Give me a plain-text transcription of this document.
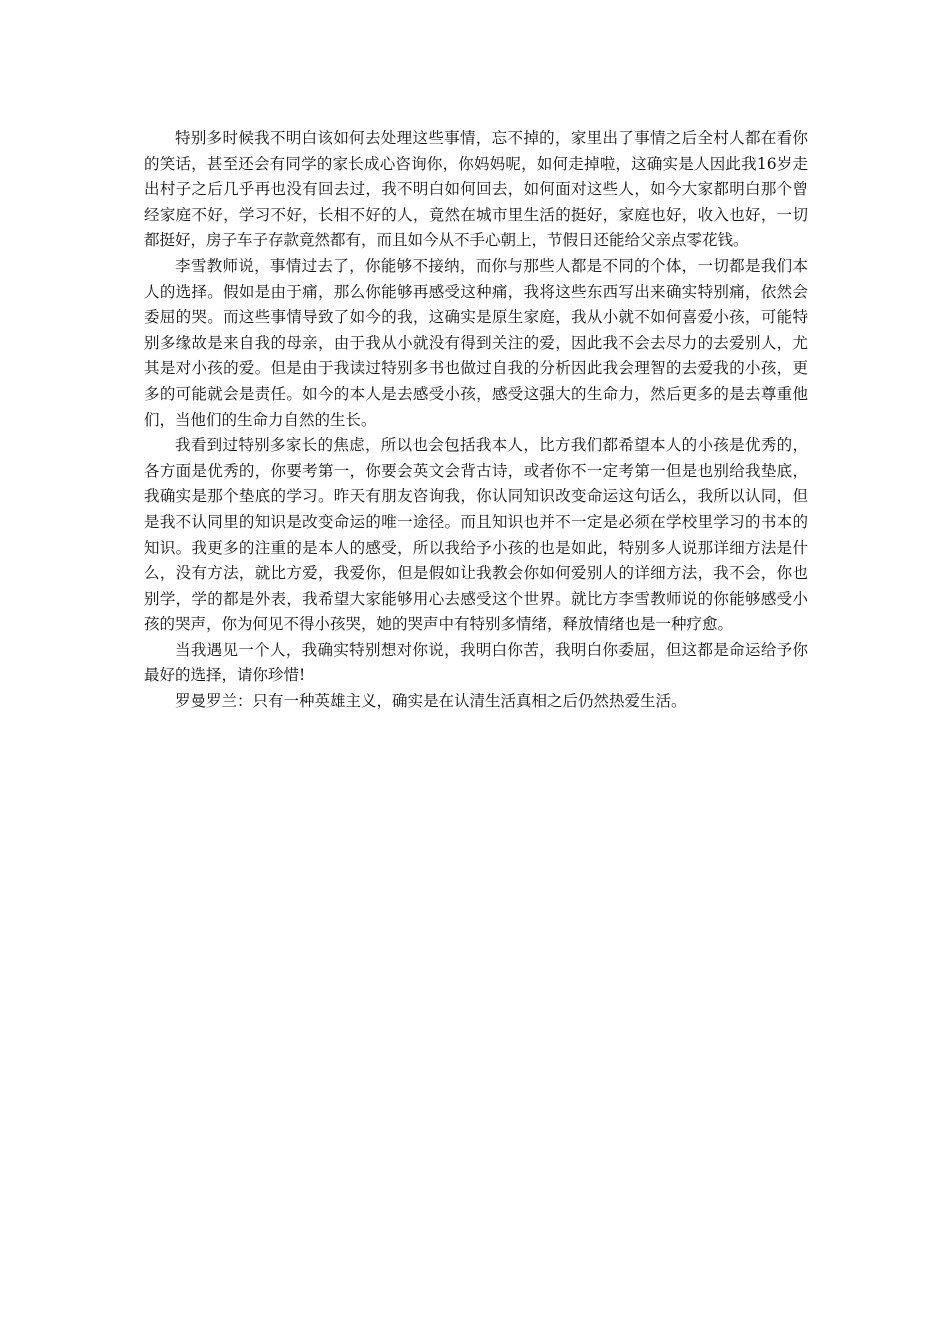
特别多时候我不明白该如何去处理这些事情，忘不掉的，家里出了事情之后全村人都在看你的笑话，甚至还会有同学的家长成心咨询你，你妈妈呢，如何走掉啦，这确实是人因此我16岁走出村子之后几乎再也没有回去过，我不明白如何回去，如何面对这些人，如今大家都明白那个曾经家庭不好，学习不好，长相不好的人，竟然在城市里生活的挺好，家庭也好，收入也好，一切都挺好，房子车子存款竟然都有，而且如今从不手心朝上，节假日还能给父亲点零花钱。

李雪教师说，事情过去了，你能够不接纳，而你与那些人都是不同的个体，一切都是我们本人的选择。假如是由于痛，那么你能够再感受这种痛，我将这些东西写出来确实特别痛，依然会委屈的哭。而这些事情导致了如今的我，这确实是原生家庭，我从小就不如何喜爱小孩，可能特别多缘故是来自我的母亲，由于我从小就没有得到关注的爱，因此我不会去尽力的去爱别人，尤其是对小孩的爱。但是由于我读过特别多书也做过自我的分析因此我会理智的去爱我的小孩，更多的可能就会是责任。如今的本人是去感受小孩，感受这强大的生命力，然后更多的是去尊重他们，当他们的生命力自然的生长。

我看到过特别多家长的焦虑，所以也会包括我本人，比方我们都希望本人的小孩是优秀的，各方面是优秀的，你要考第一，你要会英文会背古诗，或者你不一定考第一但是也别给我垫底，我确实是那个垫底的学习。昨天有朋友咨询我，你认同知识改变命运这句话么，我所以认同，但是我不认同里的知识是改变命运的唯一途径。而且知识也并不一定是必须在学校里学习的书本的知识。我更多的注重的是本人的感受，所以我给予小孩的也是如此，特别多人说那详细方法是什么，没有方法，就比方爱，我爱你，但是假如让我教会你如何爱别人的详细方法，我不会，你也别学，学的都是外表，我希望大家能够用心去感受这个世界。就比方李雪教师说的你能够感受小孩的哭声，你为何见不得小孩哭，她的哭声中有特别多情绪，释放情绪也是一种疗愈。

当我遇见一个人，我确实特别想对你说，我明白你苦，我明白你委屈，但这都是命运给予你最好的选择，请你珍惜!

罗曼罗兰：只有一种英雄主义，确实是在认清生活真相之后仍然热爱生活。
